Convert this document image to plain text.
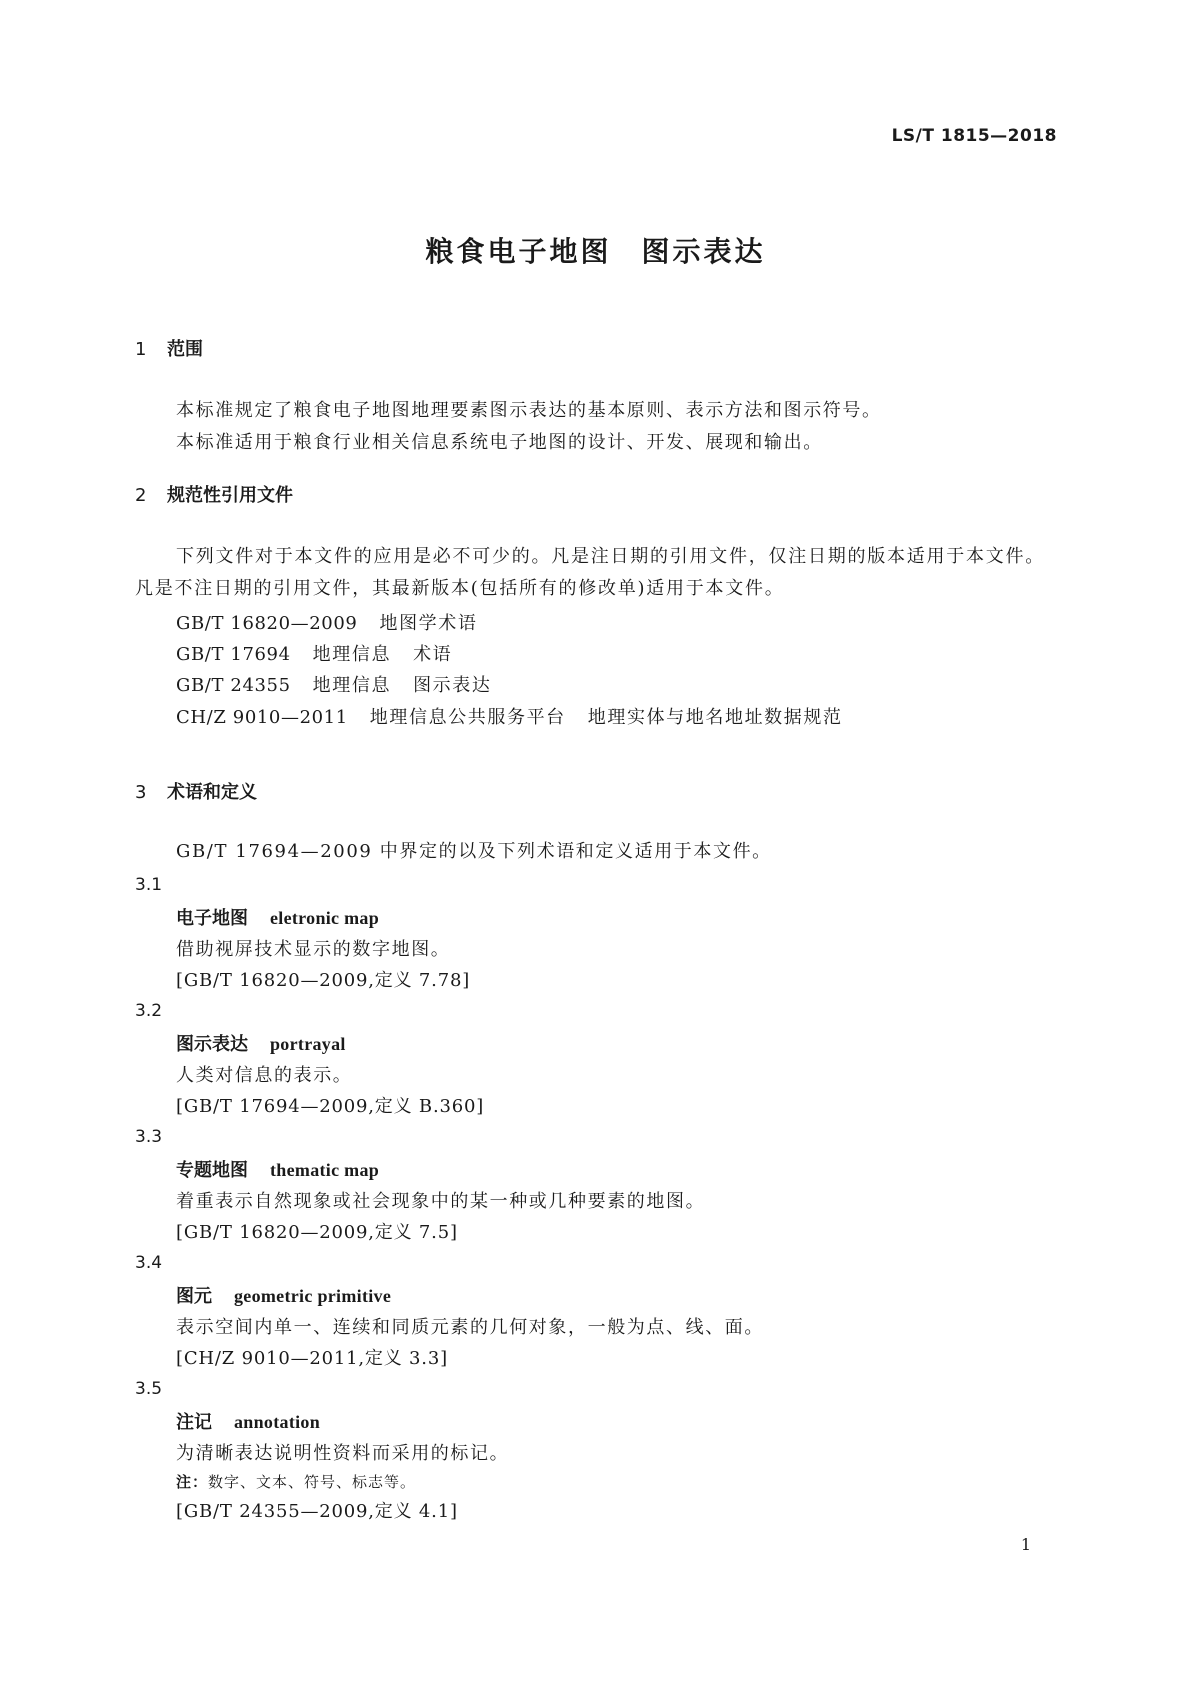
LS/T 1815—2018
粮食电子地图 图示表达
1 范围
本标准规定了粮食电子地图地理要素图示表达的基本原则、表示方法和图示符号。
本标准适用于粮食行业相关信息系统电子地图的设计、开发、展现和输出。
2 规范性引用文件
下列文件对于本文件的应用是必不可少的。凡是注日期的引用文件，仅注日期的版本适用于本文件。凡是不注日期的引用文件，其最新版本(包括所有的修改单)适用于本文件。
GB/T 16820—2009 地图学术语
GB/T 17694 地理信息 术语
GB/T 24355 地理信息 图示表达
CH/Z 9010—2011 地理信息公共服务平台 地理实体与地名地址数据规范
3 术语和定义
GB/T 17694—2009 中界定的以及下列术语和定义适用于本文件。
3.1
电子地图 eletronic map
借助视屏技术显示的数字地图。
[GB/T 16820—2009,定义 7.78]
3.2
图示表达 portrayal
人类对信息的表示。
[GB/T 17694—2009,定义 B.360]
3.3
专题地图 thematic map
着重表示自然现象或社会现象中的某一种或几种要素的地图。
[GB/T 16820—2009,定义 7.5]
3.4
图元 geometric primitive
表示空间内单一、连续和同质元素的几何对象，一般为点、线、面。
[CH/Z 9010—2011,定义 3.3]
3.5
注记 annotation
为清晰表达说明性资料而采用的标记。
注：数字、文本、符号、标志等。
[GB/T 24355—2009,定义 4.1]
1
